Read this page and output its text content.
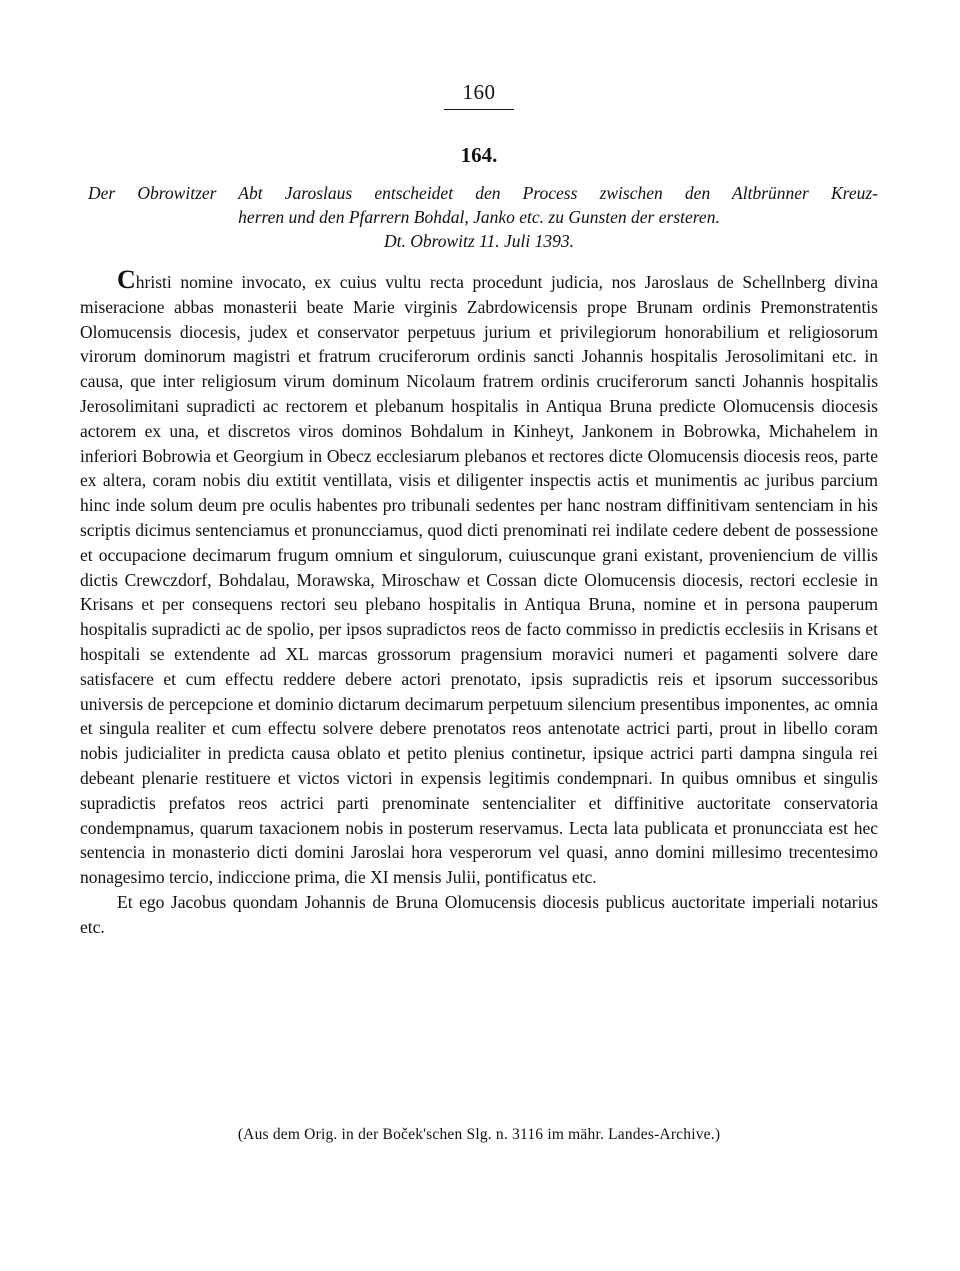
160
164.
Der Obrowitzer Abt Jaroslaus entscheidet den Process zwischen den Altbrünner Kreuz-
herren und den Pfarrern Bohdal, Janko etc. zu Gunsten der ersteren.
Dt. Obrowitz 11. Juli 1393.

Christi nomine invocato, ex cuius vultu recta procedunt judicia, nos Jaroslaus de Schellnberg divina miseracione abbas monasterii beate Marie virginis Zabrdowicensis prope Brunam ordinis Premonstratentis Olomucensis diocesis, judex et conservator perpetuus jurium et privilegiorum honorabilium et religiosorum virorum dominorum magistri et fratrum cruciferorum ordinis sancti Johannis hospitalis Jerosolimitani etc. in causa, que inter religiosum virum dominum Nicolaum fratrem ordinis cruciferorum sancti Johannis hospitalis Jerosolimitani supradicti ac rectorem et plebanum hospitalis in Antiqua Bruna predicte Olomucensis diocesis actorem ex una, et discretos viros dominos Bohdalum in Kinheyt, Jankonem in Bobrowka, Michahelem in inferiori Bobrowia et Georgium in Obecz ecclesiarum plebanos et rectores dicte Olomucensis diocesis reos, parte ex altera, coram nobis diu extitit ventillata, visis et diligenter inspectis actis et munimentis ac juribus parcium hinc inde solum deum pre oculis habentes pro tribunali sedentes per hanc nostram diffinitivam sentenciam in his scriptis dicimus sentenciamus et pronuncciamus, quod dicti prenominati rei indilate cedere debent de possessione et occupacione decimarum frugum omnium et singulorum, cuiuscunque grani existant, proveniencium de villis dictis Crewczdorf, Bohdalau, Morawska, Miroschaw et Cossan dicte Olomucensis diocesis, rectori ecclesie in Krisans et per consequens rectori seu plebano hospitalis in Antiqua Bruna, nomine et in persona pauperum hospitalis supradicti ac de spolio, per ipsos supradictos reos de facto commisso in predictis ecclesiis in Krisans et hospitali se extendente ad XL marcas grossorum pragensium moravici numeri et pagamenti solvere dare satisfacere et cum effectu reddere debere actori prenotato, ipsis supradictis reis et ipsorum successoribus universis de percepcione et dominio dictarum decimarum perpetuum silencium presentibus imponentes, ac omnia et singula realiter et cum effectu solvere debere prenotatos reos antenotate actrici parti, prout in libello coram nobis judicialiter in predicta causa oblato et petito plenius continetur, ipsique actrici parti dampna singula rei debeant plenarie restituere et victos victori in expensis legitimis condempnari. In quibus omnibus et singulis supradictis prefatos reos actrici parti prenominate sentencialiter et diffinitive auctoritate conservatoria condempnamus, quarum taxacionem nobis in posterum reservamus. Lecta lata publicata et pronuncciata est hec sentencia in monasterio dicti domini Jaroslai hora vesperorum vel quasi, anno domini millesimo trecentesimo nonagesimo tercio, indiccione prima, die XI mensis Julii, pontificatus etc.

Et ego Jacobus quondam Johannis de Bruna Olomucensis diocesis publicus auctoritate imperiali notarius etc.

(Aus dem Orig. in der Boček'schen Slg. n. 3116 im mähr. Landes-Archive.)
